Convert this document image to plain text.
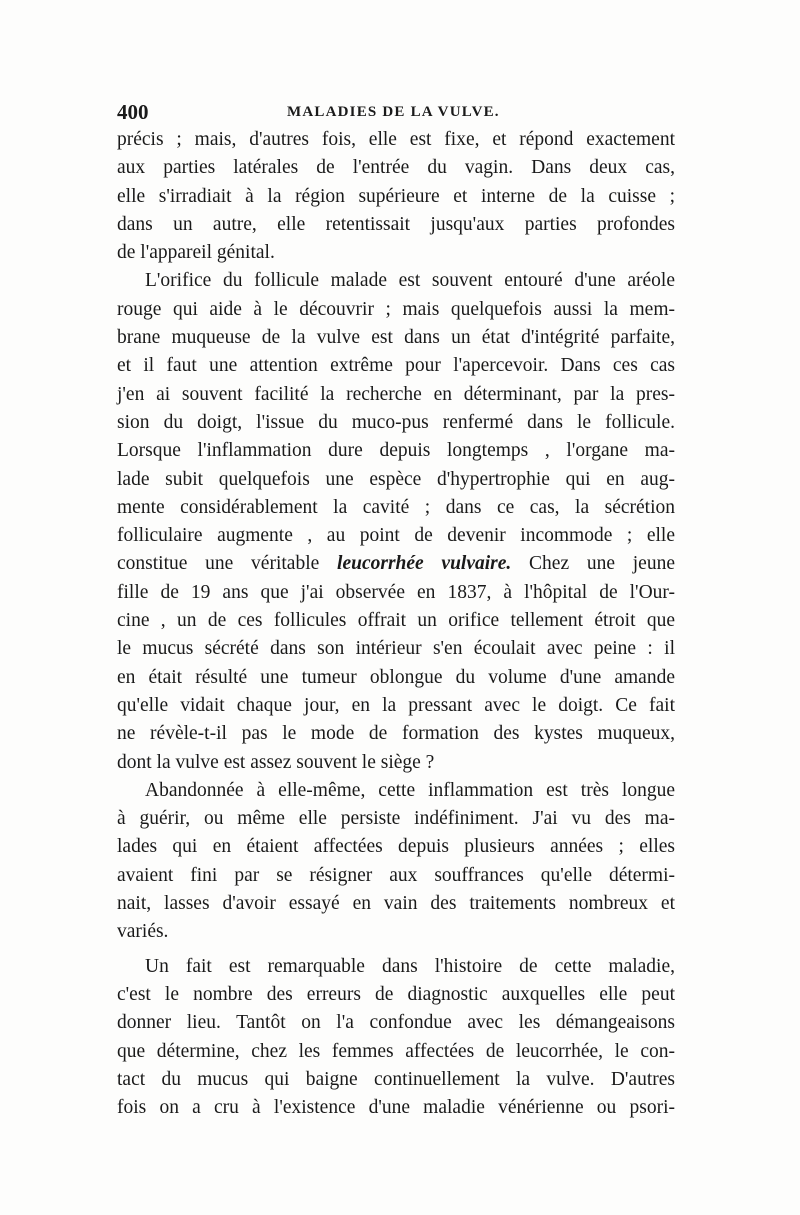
400	MALADIES DE LA VULVE.
précis ; mais, d'autres fois, elle est fixe, et répond exactement
aux parties latérales de l'entrée du vagin. Dans deux cas,
elle s'irradiait à la région supérieure et interne de la cuisse ;
dans un autre, elle retentissait jusqu'aux parties profondes
de l'appareil génital.
L'orifice du follicule malade est souvent entouré d'une aréole
rouge qui aide à le découvrir ; mais quelquefois aussi la mem-
brane muqueuse de la vulve est dans un état d'intégrité parfaite,
et il faut une attention extrême pour l'apercevoir. Dans ces cas
j'en ai souvent facilité la recherche en déterminant, par la pres-
sion du doigt, l'issue du muco-pus renfermé dans le follicule.
Lorsque l'inflammation dure depuis longtemps , l'organe ma-
lade subit quelquefois une espèce d'hypertrophie qui en aug-
mente considérablement la cavité ; dans ce cas, la sécrétion
folliculaire augmente , au point de devenir incommode ; elle
constitue une véritable leucorrhée vulvaire. Chez une jeune
fille de 19 ans que j'ai observée en 1837, à l'hôpital de l'Our-
cine , un de ces follicules offrait un orifice tellement étroit que
le mucus sécrété dans son intérieur s'en écoulait avec peine : il
en était résulté une tumeur oblongue du volume d'une amande
qu'elle vidait chaque jour, en la pressant avec le doigt. Ce fait
ne révèle-t-il pas le mode de formation des kystes muqueux,
dont la vulve est assez souvent le siège ?
Abandonnée à elle-même, cette inflammation est très longue
à guérir, ou même elle persiste indéfiniment. J'ai vu des ma-
lades qui en étaient affectées depuis plusieurs années ; elles
avaient fini par se résigner aux souffrances qu'elle détermi-
nait, lasses d'avoir essayé en vain des traitements nombreux et
variés.
Un fait est remarquable dans l'histoire de cette maladie,
c'est le nombre des erreurs de diagnostic auxquelles elle peut
donner lieu. Tantôt on l'a confondue avec les démangeaisons
que détermine, chez les femmes affectées de leucorrhée, le con-
tact du mucus qui baigne continuellement la vulve. D'autres
fois on a cru à l'existence d'une maladie vénérienne ou psori-
